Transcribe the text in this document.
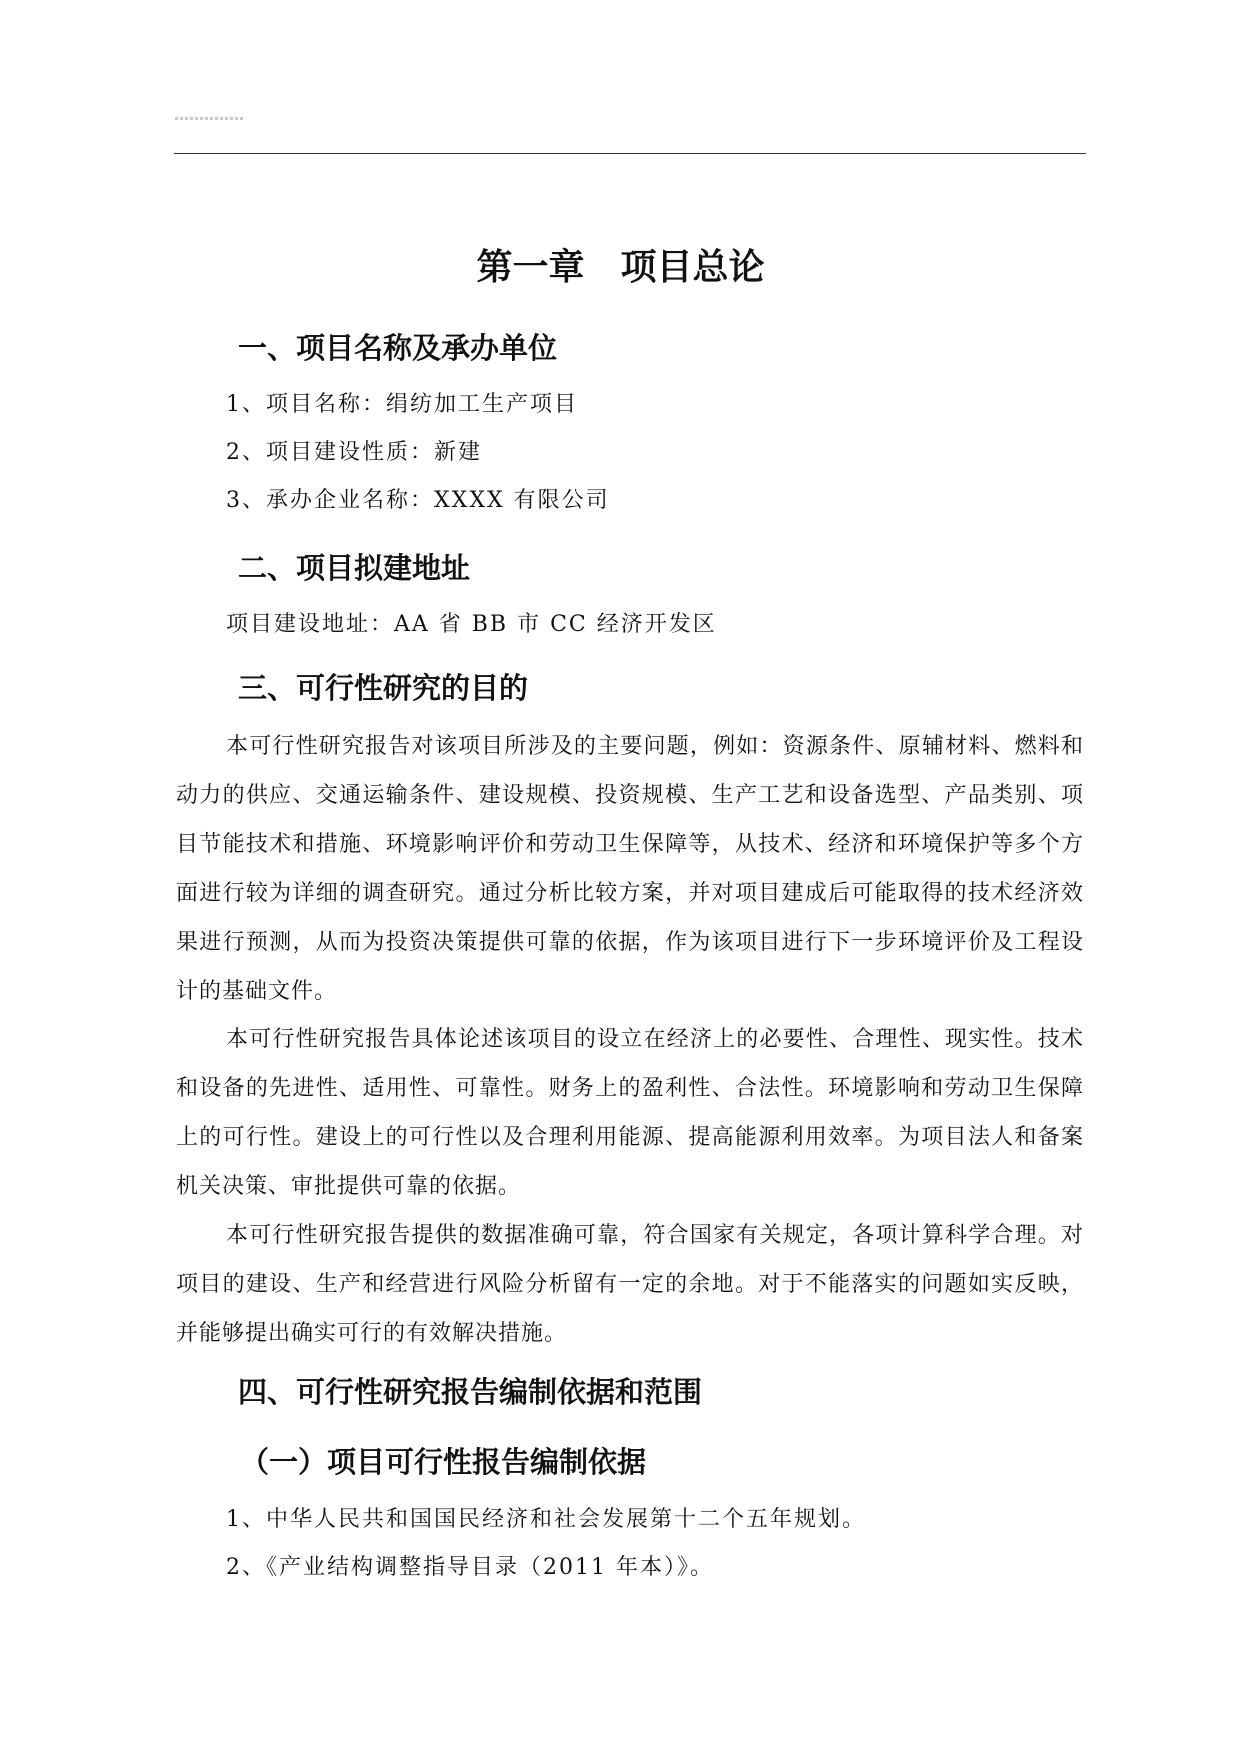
第一章　项目总论
一、项目名称及承办单位

1、项目名称：绢纺加工生产项目

2、项目建设性质：新建

3、承办企业名称：XXXX 有限公司

二、项目拟建地址

项目建设地址：AA 省 BB 市 CC 经济开发区

三、可行性研究的目的

本可行性研究报告对该项目所涉及的主要问题，例如：资源条件、原辅材料、燃料和动力的供应、交通运输条件、建设规模、投资规模、生产工艺和设备选型、产品类别、项目节能技术和措施、环境影响评价和劳动卫生保障等，从技术、经济和环境保护等多个方面进行较为详细的调查研究。通过分析比较方案，并对项目建成后可能取得的技术经济效果进行预测，从而为投资决策提供可靠的依据，作为该项目进行下一步环境评价及工程设计的基础文件。

本可行性研究报告具体论述该项目的设立在经济上的必要性、合理性、现实性。技术和设备的先进性、适用性、可靠性。财务上的盈利性、合法性。环境影响和劳动卫生保障上的可行性。建设上的可行性以及合理利用能源、提高能源利用效率。为项目法人和备案机关决策、审批提供可靠的依据。

本可行性研究报告提供的数据准确可靠，符合国家有关规定，各项计算科学合理。对项目的建设、生产和经营进行风险分析留有一定的余地。对于不能落实的问题如实反映，并能够提出确实可行的有效解决措施。

四、可行性研究报告编制依据和范围
（一）项目可行性报告编制依据

1、中华人民共和国国民经济和社会发展第十二个五年规划。

2、《产业结构调整指导目录（2011 年本）》。
